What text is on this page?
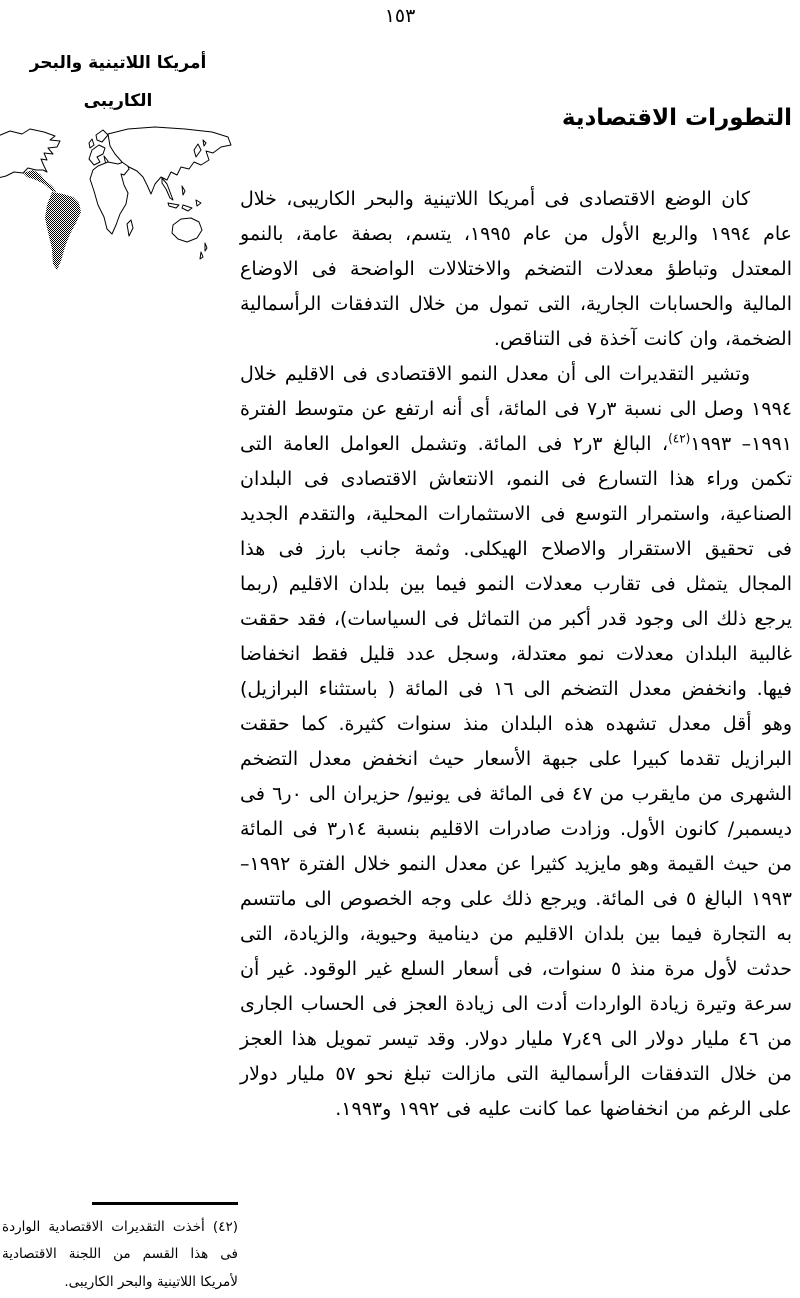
١٥٣
أمريكا اللاتينية والبحر
الكاريبى
التطورات الاقتصادية

كان الوضع الاقتصادى فى أمريكا اللاتينية والبحر الكاريبى، خلال عام ١٩٩٤ والربع الأول من عام ١٩٩٥، يتسم، بصفة عامة، بالنمو المعتدل وتباطؤ معدلات التضخم والاختلالات الواضحة فى الاوضاع المالية والحسابات الجارية، التى تمول من خلال التدفقات الرأسمالية الضخمة، وان كانت آخذة فى التناقص.

وتشير التقديرات الى أن معدل النمو الاقتصادى فى الاقليم خلال ١٩٩٤ وصل الى نسبة ٣ر٧ فى المائة، أى أنه ارتفع عن متوسط الفترة ١٩٩١– ١٩٩٣$^{(٤٢)}$، البالغ ٣ر٢ فى المائة. وتشمل العوامل العامة التى تكمن وراء هذا التسارع فى النمو، الانتعاش الاقتصادى فى البلدان الصناعية، واستمرار التوسع فى الاستثمارات المحلية، والتقدم الجديد فى تحقيق الاستقرار والاصلاح الهيكلى. وثمة جانب بارز فى هذا المجال يتمثل فى تقارب معدلات النمو فيما بين بلدان الاقليم (ربما يرجع ذلك الى وجود قدر أكبر من التماثل فى السياسات)، فقد حققت غالبية البلدان معدلات نمو معتدلة، وسجل عدد قليل فقط انخفاضا فيها. وانخفض معدل التضخم الى ١٦ فى المائة ( باستثناء البرازيل) وهو أقل معدل تشهده هذه البلدان منذ سنوات كثيرة. كما حققت البرازيل تقدما كبيرا على جبهة الأسعار حيث انخفض معدل التضخم الشهرى من مايقرب من ٤٧ فى المائة فى يونيو/ حزيران الى ٠ر٦ فى ديسمبر/ كانون الأول. وزادت صادرات الاقليم بنسبة ١٤ر٣ فى المائة من حيث القيمة وهو مايزيد كثيرا عن معدل النمو خلال الفترة ١٩٩٢–١٩٩٣ البالغ ٥ فى المائة. ويرجع ذلك على وجه الخصوص الى ماتتسم به التجارة فيما بين بلدان الاقليم من دينامية وحيوية، والزيادة، التى حدثت لأول مرة منذ ٥ سنوات، فى أسعار السلع غير الوقود. غير أن سرعة وتيرة زيادة الواردات أدت الى زيادة العجز فى الحساب الجارى من ٤٦ مليار دولار الى ٤٩ر٧ مليار دولار. وقد تيسر تمويل هذا العجز من خلال التدفقات الرأسمالية التى مازالت تبلغ نحو ٥٧ مليار دولار على الرغم من انخفاضها عما كانت عليه فى ١٩٩٢ و١٩٩٣.

(٤٢) أخذت التقديرات الاقتصادية الواردة فى هذا القسم من اللجنة الاقتصادية لأمريكا اللاتينية والبحر الكاريبى.
